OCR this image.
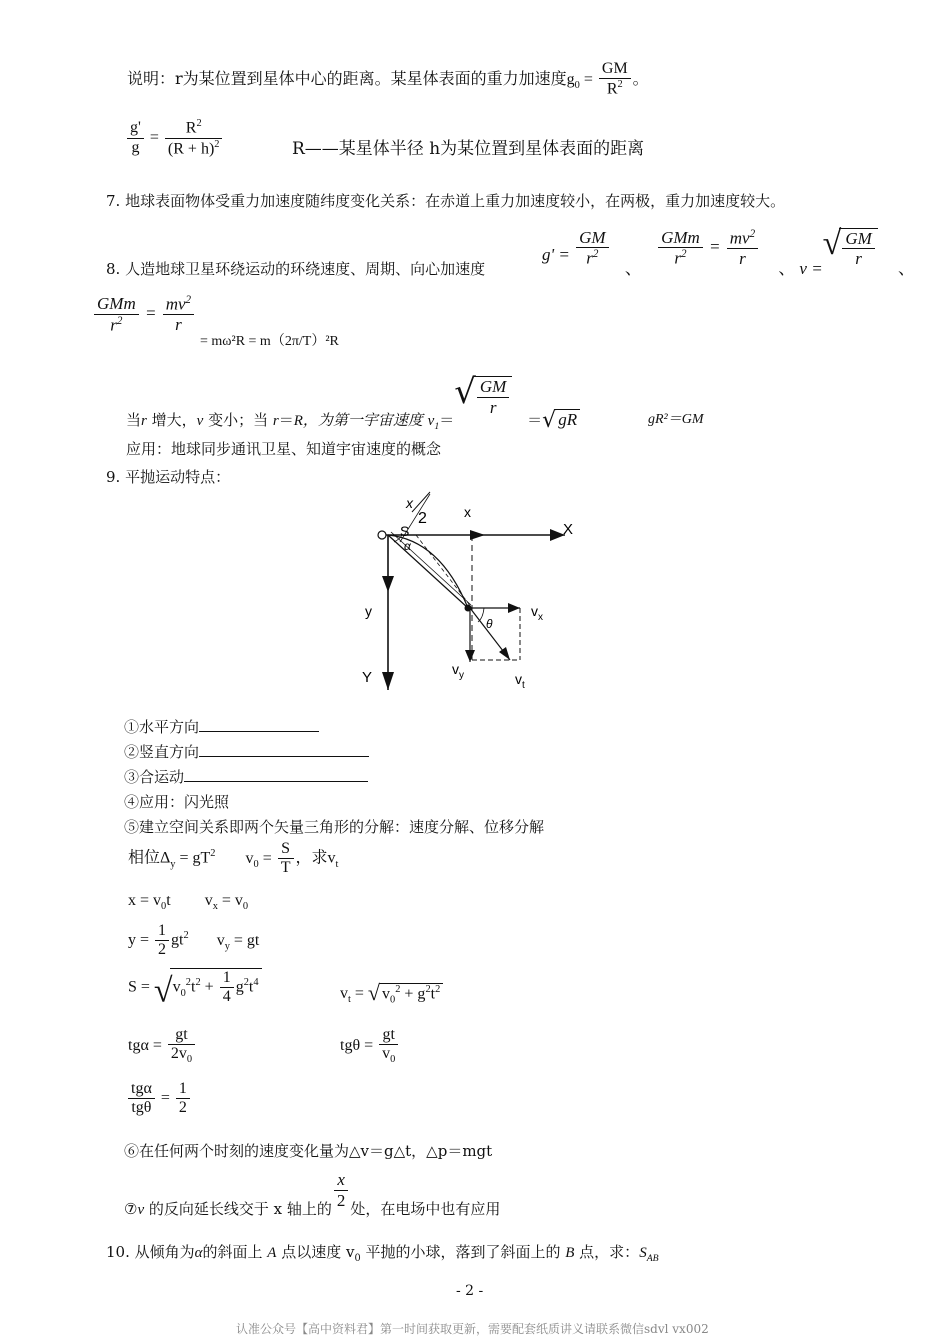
说明：r为某位置到星体中心的距离。某星体表面的重力加速度$g_0 = \frac{GM}{R^2}$ 。
$\frac{g'}{g} = \frac{R^2}{(R + h)^2}$	R——某星体半径 h为某位置到星体表面的距离
7. 地球表面物体受重力加速度随纬度变化关系：在赤道上重力加速度较小，在两极，重力加速度较大。
8. 人造地球卫星环绕运动的环绕速度、周期、向心加速度
$g' = \frac{GM}{r^2}$
、
$\frac{\text{GMm}}{r^2} = \frac{mv^2}{r}$
、 v =√
$\frac{GM}{r}$ 、
$\frac{\text{GMm}}{r^2} = \frac{mv^2}{r}$
= mω²R = m（2π/T）²R
当r 增大，v 变小；当 r＝R，为第一宇宙速度 $v_1=√$
$\frac{GM}{r}$
＝√ gR	gR²＝GM
应用：地球同步通讯卫星、知道宇宙速度的概念
9. 平抛运动特点：
x
2
S
x
X
α
y
Y
$v_x$
θ
$v_y$	$v_t$
①水平方向
②竖直方向
③合运动
④应用：闪光照
⑤建立空间关系即两个矢量三角形的分解：速度分解、位移分解
相位$\Delta_y = gT^2$ $v_0 = \frac{S}{T}$ ，求$v_t$
$x = v_0t$ $v_x = v_0$
$y = \frac{1}{2} gt^2$ $v_y$ = gt
$S = √v_0^2t^2 + \frac{1}{4} g^2t^4$
$v_t$ = √ $v_0^2 + g^2t^2$
$tg\alpha = \frac{gt}{2v_0}$	$tg\theta = \frac{gt}{v_0}$
$\frac{\text{tgα}}{\text{tgθ}} = \frac{1}{2}$
⑥在任何两个时刻的速度变化量为△v＝g△t，△p＝mgt
⑦v 的反向延长线交于 x 轴上的 $\frac{x}{2}$ 处，在电场中也有应用
10. 从倾角为α的斜面上 A 点以速度 $v_0$ 平抛的小球，落到了斜面上的 B 点，求：$S_{AB}$
- 2 -
认准公众号【高中资料君】第一时间获取更新，需要配套纸质讲义请联系微信sdvl vx002
